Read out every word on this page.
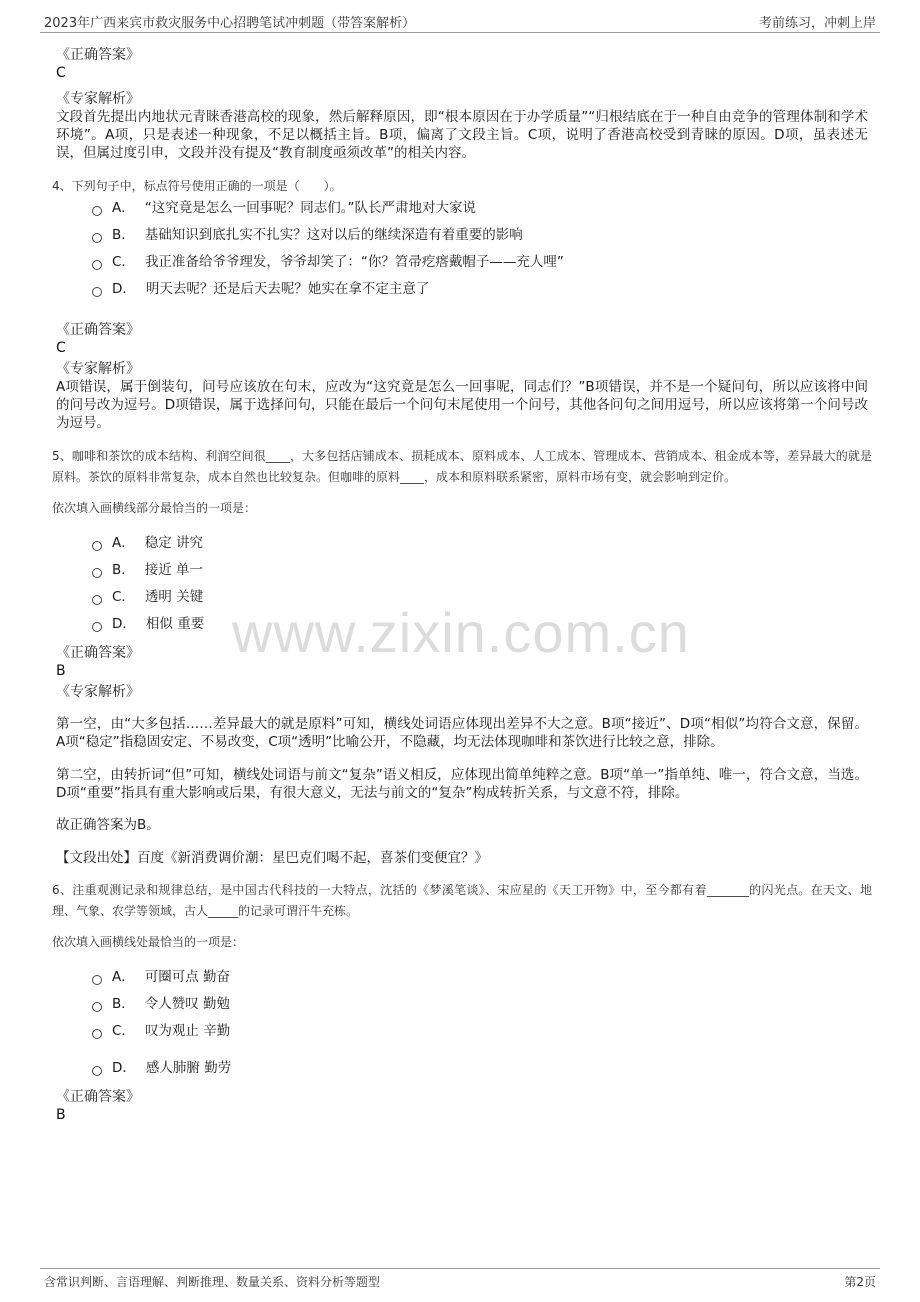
2023年广西来宾市救灾服务中心招聘笔试冲刺题（带答案解析）	考前练习，冲刺上岸
www.zixin.com.cn
《正确答案》
C
《专家解析》
文段首先提出内地状元青睐香港高校的现象，然后解释原因，即“根本原因在于办学质量”“归根结底在于一种自由竞争的管理体制和学术环境”。A项，只是表述一种现象，不足以概括主旨。B项，偏离了文段主旨。C项，说明了香港高校受到青睐的原因。D项，虽表述无误，但属过度引申，文段并没有提及“教育制度亟须改革”的相关内容。
4、下列句子中，标点符号使用正确的一项是（　　）。
A． “这究竟是怎么一回事呢？同志们。”队长严肃地对大家说
B． 基础知识到底扎实不扎实？这对以后的继续深造有着重要的影响
C． 我正准备给爷爷理发，爷爷却笑了：“你？笤帚疙瘩戴帽子——充人哩”
D． 明天去呢？还是后天去呢？她实在拿不定主意了
《正确答案》
C
《专家解析》
A项错误，属于倒装句，问号应该放在句末，应改为“这究竟是怎么一回事呢，同志们？”B项错误，并不是一个疑问句，所以应该将中间的问号改为逗号。D项错误，属于选择问句，只能在最后一个问句末尾使用一个问号，其他各问句之间用逗号，所以应该将第一个问号改为逗号。
5、咖啡和茶饮的成本结构、利润空间很____，大多包括店铺成本、损耗成本、原料成本、人工成本、管理成本、营销成本、租金成本等，差异最大的就是原料。茶饮的原料非常复杂，成本自然也比较复杂。但咖啡的原料____，成本和原料联系紧密，原料市场有变，就会影响到定价。
依次填入画横线部分最恰当的一项是：
A． 稳定 讲究
B． 接近 单一
C． 透明 关键
D． 相似 重要
《正确答案》
B
《专家解析》
第一空，由“大多包括……差异最大的就是原料”可知，横线处词语应体现出差异不大之意。B项“接近”、D项“相似”均符合文意，保留。A项“稳定”指稳固安定、不易改变，C项“透明”比喻公开，不隐藏，均无法体现咖啡和茶饮进行比较之意，排除。
第二空，由转折词“但”可知，横线处词语与前文“复杂”语义相反，应体现出简单纯粹之意。B项“单一”指单纯、唯一，符合文意，当选。D项“重要”指具有重大影响或后果，有很大意义，无法与前文的“复杂”构成转折关系，与文意不符，排除。
故正确答案为B。
【文段出处】百度《新消费调价潮：星巴克们喝不起，喜茶们变便宜？》
6、注重观测记录和规律总结，是中国古代科技的一大特点，沈括的《梦溪笔谈》、宋应星的《天工开物》中，至今都有着_______的闪光点。在天文、地理、气象、农学等领域，古人_____的记录可谓汗牛充栋。
依次填入画横线处最恰当的一项是：
A． 可圈可点 勤奋
B． 令人赞叹 勤勉
C． 叹为观止 辛勤
D． 感人肺腑 勤劳
《正确答案》
B
含常识判断、言语理解、判断推理、数量关系、资料分析等题型	第2页
